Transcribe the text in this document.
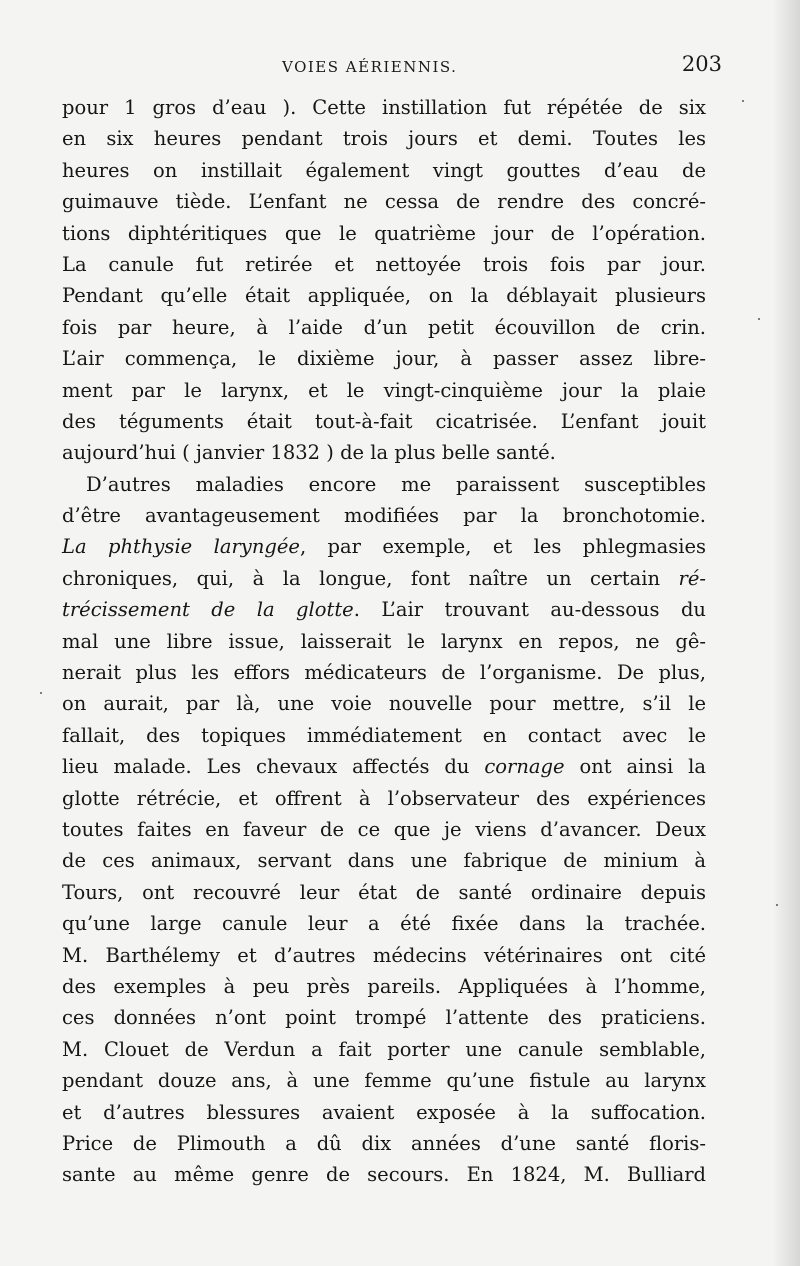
VOIES AÉRIENNIS.	203
pour 1 gros d’eau ). Cette instillation fut répétée de six
en six heures pendant trois jours et demi. Toutes les
heures on instillait également vingt gouttes d’eau de
guimauve tiède. L’enfant ne cessa de rendre des concré-
tions diphtéritiques que le quatrième jour de l’opération.
La canule fut retirée et nettoyée trois fois par jour.
Pendant qu’elle était appliquée, on la déblayait plusieurs
fois par heure, à l’aide d’un petit écouvillon de crin.
L’air commença, le dixième jour, à passer assez libre-
ment par le larynx, et le vingt-cinquième jour la plaie
des téguments était tout-à-fait cicatrisée. L’enfant jouit
aujourd’hui ( janvier 1832 ) de la plus belle santé.
D’autres maladies encore me paraissent susceptibles
d’être avantageusement modifiées par la bronchotomie.
La phthysie laryngée, par exemple, et les phlegmasies
chroniques, qui, à la longue, font naître un certain ré-
trécissement de la glotte. L’air trouvant au-dessous du
mal une libre issue, laisserait le larynx en repos, ne gê-
nerait plus les effors médicateurs de l’organisme. De plus,
on aurait, par là, une voie nouvelle pour mettre, s’il le
fallait, des topiques immédiatement en contact avec le
lieu malade. Les chevaux affectés du cornage ont ainsi la
glotte rétrécie, et offrent à l’observateur des expériences
toutes faites en faveur de ce que je viens d’avancer. Deux
de ces animaux, servant dans une fabrique de minium à
Tours, ont recouvré leur état de santé ordinaire depuis
qu’une large canule leur a été fixée dans la trachée.
M. Barthélemy et d’autres médecins vétérinaires ont cité
des exemples à peu près pareils. Appliquées à l’homme,
ces données n’ont point trompé l’attente des praticiens.
M. Clouet de Verdun a fait porter une canule semblable,
pendant douze ans, à une femme qu’une fistule au larynx
et d’autres blessures avaient exposée à la suffocation.
Price de Plimouth a dû dix années d’une santé floris-
sante au même genre de secours. En 1824, M. Bulliard
